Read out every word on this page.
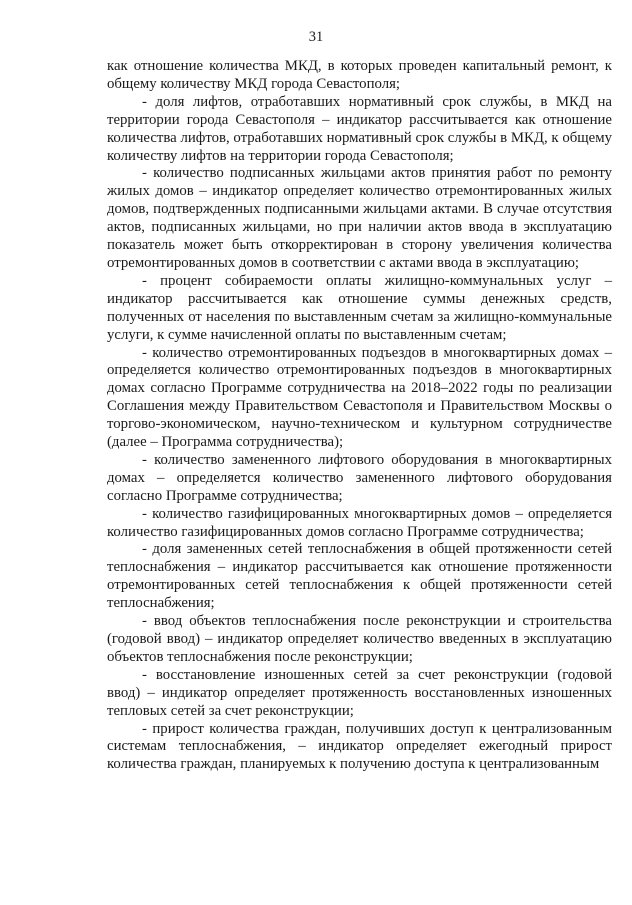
31

как отношение количества МКД, в которых проведен капитальный ремонт, к общему количеству МКД города Севастополя;

- доля лифтов, отработавших нормативный срок службы, в МКД на территории города Севастополя – индикатор рассчитывается как отношение количества лифтов, отработавших нормативный срок службы в МКД, к общему количеству лифтов на территории города Севастополя;

- количество подписанных жильцами актов принятия работ по ремонту жилых домов – индикатор определяет количество отремонтированных жилых домов, подтвержденных подписанными жильцами актами. В случае отсутствия актов, подписанных жильцами, но при наличии актов ввода в эксплуатацию показатель может быть откорректирован в сторону увеличения количества отремонтированных домов в соответствии с актами ввода в эксплуатацию;

- процент собираемости оплаты жилищно-коммунальных услуг – индикатор рассчитывается как отношение суммы денежных средств, полученных от населения по выставленным счетам за жилищно-коммунальные услуги, к сумме начисленной оплаты по выставленным счетам;

- количество отремонтированных подъездов в многоквартирных домах – определяется количество отремонтированных подъездов в многоквартирных домах согласно Программе сотрудничества на 2018–2022 годы по реализации Соглашения между Правительством Севастополя и Правительством Москвы о торгово-экономическом, научно-техническом и культурном сотрудничестве (далее – Программа сотрудничества);

- количество замененного лифтового оборудования в многоквартирных домах – определяется количество замененного лифтового оборудования согласно Программе сотрудничества;

- количество газифицированных многоквартирных домов – определяется количество газифицированных домов согласно Программе сотрудничества;

- доля замененных сетей теплоснабжения в общей протяженности сетей теплоснабжения – индикатор рассчитывается как отношение протяженности отремонтированных сетей теплоснабжения к общей протяженности сетей теплоснабжения;

- ввод объектов теплоснабжения после реконструкции и строительства (годовой ввод) – индикатор определяет количество введенных в эксплуатацию объектов теплоснабжения после реконструкции;

- восстановление изношенных сетей за счет реконструкции (годовой ввод) – индикатор определяет протяженность восстановленных изношенных тепловых сетей за счет реконструкции;

- прирост количества граждан, получивших доступ к централизованным системам теплоснабжения, – индикатор определяет ежегодный прирост количества граждан, планируемых к получению доступа к централизованным
